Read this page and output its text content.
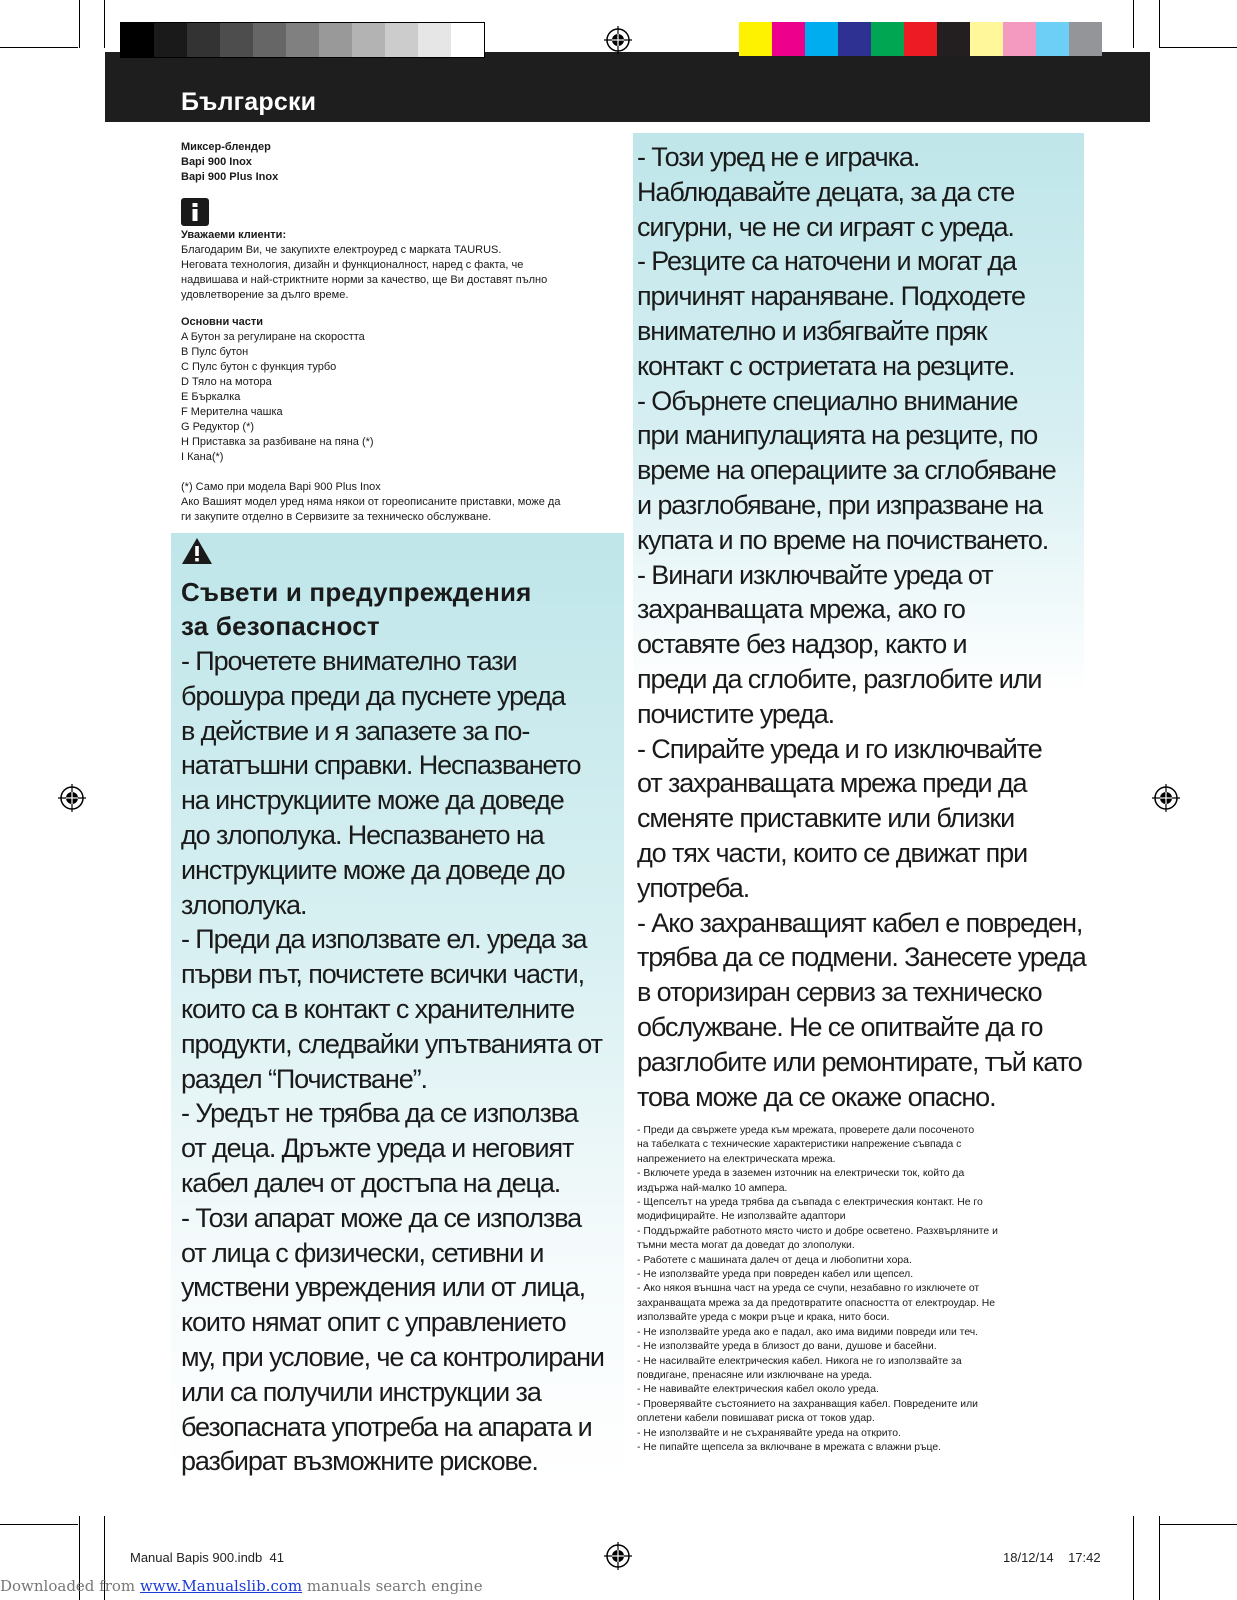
Български
Миксер-блендер
Bapi 900 Inox
Bapi 900 Plus Inox
Уважаеми клиенти:
Благодарим Ви, че закупихте електроуред с марката TAURUS.
Неговата технология, дизайн и функционалност, наред с факта, че
надвишава и най-стриктните норми за качество, ще Ви доставят пълно
удовлетворение за дълго време.
Основни части
A Бутон за регулиране на скоростта
B Пулс бутон
C Пулс бутон с функция турбо
D Тяло на мотора
E Бъркалка
F Мерителна чашка
G Редуктор (*)
H Приставка за разбиване на пяна (*)
I Кана(*)
(*) Само при модела Bapi 900 Plus Inox
Ако Вашият модел уред няма някои от гореописаните приставки, може да
ги закупите отделно в Сервизите за техническо обслужване.
Съвети и предупреждения
за безопасност

- Прочетете внимателно тази

брошура преди да пуснете уреда

в действие и я запазете за по-

нататъшни справки. Неспазването

на инструкциите може да доведе

до злополука. Неспазването на

инструкциите може да доведе до

злополука.

- Преди да използвате ел. уреда за

първи път, почистете всички части,

които са в контакт с хранителните

продукти, следвайки упътванията от

раздел “Почистване”.

- Уредът не трябва да се използва

от деца. Дръжте уреда и неговият

кабел далеч от достъпа на деца.

- Този апарат може да се използва

от лица с физически, сетивни и

умствени увреждения или от лица,

които нямат опит с управлението

му, при условие, че са контролирани

или са получили инструкции за

безопасната употреба на апарата и

разбират възможните рискове.

- Този уред не е играчка.

Наблюдавайте децата, за да сте

сигурни, че не си играят с уреда.

- Резците са наточени и могат да

причинят нараняване. Подходете

внимателно и избягвайте пряк

контакт с остриетата на резците.

- Обърнете специално внимание

при манипулацията на резците, по

време на операциите за сглобяване

и разглобяване, при изпразване на

купата и по време на почистването.

- Винаги изключвайте уреда от

захранващата мрежа, ако го

оставяте без надзор, както и

преди да сглобите, разглобите или

почистите уреда.

- Спирайте уреда и го изключвайте

от захранващата мрежа преди да

сменяте приставките или близки

до тях части, които се движат при

употреба.

- Ако захранващият кабел е повреден,

трябва да се подмени. Занесете уреда

в оторизиран сервиз за техническо

обслужване. Не се опитвайте да го

разглобите или ремонтирате, тъй като

това може да се окаже опасно.

- Преди да свържете уреда към мрежата, проверете дали посоченото

на табелката с технические характеристики напрежение съвпада с

напрежението на електрическата мрежа.

- Включете уреда в заземен източник на електрически ток, който да

издържа най-малко 10 ампера.

- Щепселът на уреда трябва да съвпада с електрическия контакт. Не го

модифицирайте. Не използвайте адаптори

- Поддържайте работното място чисто и добре осветено. Разхвърляните и

тъмни места могат да доведат до злополуки.

- Работете с машината далеч от деца и любопитни хора.

- Не използвайте уреда при повреден кабел или щепсел.

- Ако някоя външна част на уреда се счупи, незабавно го изключете от

захранващата мрежа за да предотвратите опасността от електроудар. Не

използвайте уреда с мокри ръце и крака, нито боси.

- Не използвайте уреда ако е падал, ако има видими повреди или теч.

- Не използвайте уреда в близост до вани, душове и басейни.

- Не насилвайте електрическия кабел. Никога не го използвайте за

повдигане, пренасяне или изключване на уреда.

- Не навивайте електрическия кабел около уреда.

- Проверявайте състоянието на захранващия кабел. Повредените или

оплетени кабели повишават риска от токов удар.

- Не използвайте и не съхранявайте уреда на открито.

- Не пипайте щепсела за включване в мрежата с влажни ръце.

Manual Bapis 900.indb 41	18/12/14 17:42
Downloaded from www.Manualslib.com manuals search engine
